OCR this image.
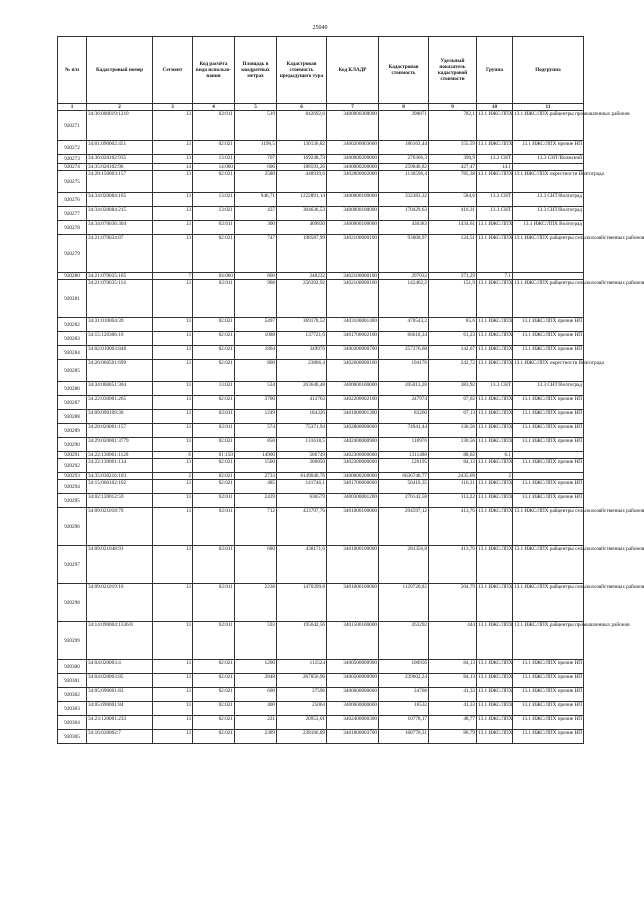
25040
№ п/п	Кадастровый номер	Сегмент	Код расчёта вида использо-вания	Площадь в квадратных метрах	Кадастровая стоимость предыдущего тура	Код КЛАДР	Кадастровая стоимость	Удельный показатель кадастровой стоимости	Группа	Подгруппа
1	2	3	4	5	6	7	8	9	10	11
920271	34:36:000019:1210	13	02:011	519	842692,6	3400000300000	398871	782,1	13.1 ИЖС/ЛПХ	13.1 ИЖС/ЛПХ райцентры промышленных районов
920272	34:01:090002:451	13	02:021	1196,5	130136,82	3400200003600	186163,44	155,59	13.1 ИЖС/ЛПХ	13.1 ИЖС/ЛПХ прочие НП
920273	34:36:020102:935	13	13:021	707	169248,73	3400000200000	276366,3	390,9	13.3 СНТ	13.3 СНТ/Волжский
920274	34:35:020102:96	14	14:000	606	188593,26	3400000200000	259046,82	427,47	14.1	
920275	34:28:150003:157	13	02:021	2580	448939,6	3402800002000	1136596,4	785,38	13.1 ИЖС/ЛПХ	13.1 ИЖС/ЛПХ окрестности Волгограда
920276	34:34:020084:165	13	13:021	946,71	1222891,14	3400000100000	332383,32	584,6	13.3 СНТ	13.3 СНТ/Волгоград
920277	34:34:020084:215	13	13:021	437	304636,53	3400000100000	170429,63	416,31	13.3 СНТ	13.3 СНТ/Волгоград
920278	34:34:070036:304	13	02:011	300	409830	3400000100000	430383	1434,61	13.1 ИЖС/ЛПХ	13.1 ИЖС/ЛПХ Волгоград
920279	34:21:070034:87	13	02:021	747	198587,99	3402100000100	93008,97	124,51	13.1 ИЖС/ЛПХ	13.1 ИЖС/ЛПХ райцентры сельскохозяйственных районов
920280	34:21:070035:105	7	04:060	800	248232	3402100000100	297032	371,29	7.1	
920281	34:21:070035:114	13	02:011	908	256392,92	3402100000100	142462,2	151,9	13.1 ИЖС/ЛПХ	13.1 ИЖС/ЛПХ райцентры сельскохозяйственных районов
920282	34:31:010004:39	13	02:021	5497	369178,52	3403100001400	470543,2	85,6	13.1 ИЖС/ЛПХ	13.1 ИЖС/ЛПХ прочие НП
920283	34:15:120306:10	13	02:021	1088	137721,6	3401700002100	66618,24	61,23	13.1 ИЖС/ЛПХ	13.1 ИЖС/ЛПХ прочие НП
920284	34:02:010003:848	13	02:021	1804	349976	3400300000700	257376,68	142,67	13.1 ИЖС/ЛПХ	13.1 ИЖС/ЛПХ прочие НП
920285	34:26:060501:699	13	02:021	800	23866,4	3402600000100	194176	242,72	13.1 ИЖС/ЛПХ	13.1 ИЖС/ЛПХ окрестности Волгограда
920286	34:34:060051:304	13	13:021	534	263646,48	3400000100000	205013,28	383,92	13.3 СНТ	13.3 СНТ/Волгоград
920287	34:22:030001:265	13	02:021	3700	413763	3402200002100	247974	67,02	13.1 ИЖС/ЛПХ	13.1 ИЖС/ЛПХ прочие НП
920288	34:09:090109:36	13	02:011	1249	184326	3401000001300	83260	67,13	13.1 ИЖС/ЛПХ	13.1 ИЖС/ЛПХ прочие НП
920289	34:28:020001:157	13	02:011	574	75371,94	3402800000600	74941,44	130,56	13.1 ИЖС/ЛПХ	13.1 ИЖС/ЛПХ прочие НП
920290	34:29:020001:3779	13	02:021	850	131618,5	3402400000900	110976	130,56	13.1 ИЖС/ЛПХ	13.1 ИЖС/ЛПХ прочие НП
920291	34:22:130001:1128	6	01:150	14900	506749	3402300000600	1311498	88,02	6.1	
920292	34:22:130001:134	13	02:021	1500	206850	3402300000600	126195	84,13	13.1 ИЖС/ЛПХ	13.1 ИЖС/ЛПХ прочие НП
920293	34:35:030216:103	2	02:021	2733	8149040,76	3400000200000	6636740,77	2435,69	2	
920294	34:15:060102:102	13	02:021	485	141746,1	3401700600600	56410,35	116,31	13.1 ИЖС/ЛПХ	13.1 ИЖС/ЛПХ прочие НП
920295	34:02:120012:59	13	02:011	2439	636579	3400300001200	276143,58	113,22	13.1 ИЖС/ЛПХ	13.1 ИЖС/ЛПХ прочие НП
920296	34:09:021018:70	13	02:011	712	433797,76	3401000100000	294597,12	413,76	13.1 ИЖС/ЛПХ	13.1 ИЖС/ЛПХ райцентры сельскохозяйственных районов
920297	34:09:021048:93	13	02:011	680	438171,6	3401000100000	281356,8	413,76	13.1 ИЖС/ЛПХ	13.1 ИЖС/ЛПХ райцентры сельскохозяйственных районов
920298	34:09:021019:16	13	02:011	2238	1470399,8	3401000100000	1129720,02	504,79	13.1 ИЖС/ЛПХ	13.1 ИЖС/ЛПХ райцентры сельскохозяйственных районов
920299	34:14:090004:1336/8	13	02:011	593	195642,56	3401500100000	263292	444	13.1 ИЖС/ЛПХ	13.1 ИЖС/ЛПХ райцентры промышленных районов
920300	34:04:020003:4	13	02:021	1200	112524	3400500000900	100956	84,13	13.1 ИЖС/ЛПХ	13.1 ИЖС/ЛПХ прочие НП
920301	34:04:020003:85	13	02:021	2848	267056,96	3400500000900	239602,24	84,13	13.1 ИЖС/ЛПХ	13.1 ИЖС/ЛПХ прочие НП
920302	34:05:090001:83	13	02:021	600	37596	3400600000600	24708	41,33	13.1 ИЖС/ЛПХ	13.1 ИЖС/ЛПХ прочие НП
920303	34:05:090001:84	13	02:021	400	25064	3400600000600	16532	41,33	13.1 ИЖС/ЛПХ	13.1 ИЖС/ЛПХ прочие НП
920304	34:23:120001:233	13	02:021	221	20953,01	3402400000300	10778,17	48,77	13.1 ИЖС/ЛПХ	13.1 ИЖС/ЛПХ прочие НП
920305	34:16:030002:7	13	02:021	2389	238166,89	3401800003700	168770,31	80,79	13.1 ИЖС/ЛПХ	13.1 ИЖС/ЛПХ прочие НП
